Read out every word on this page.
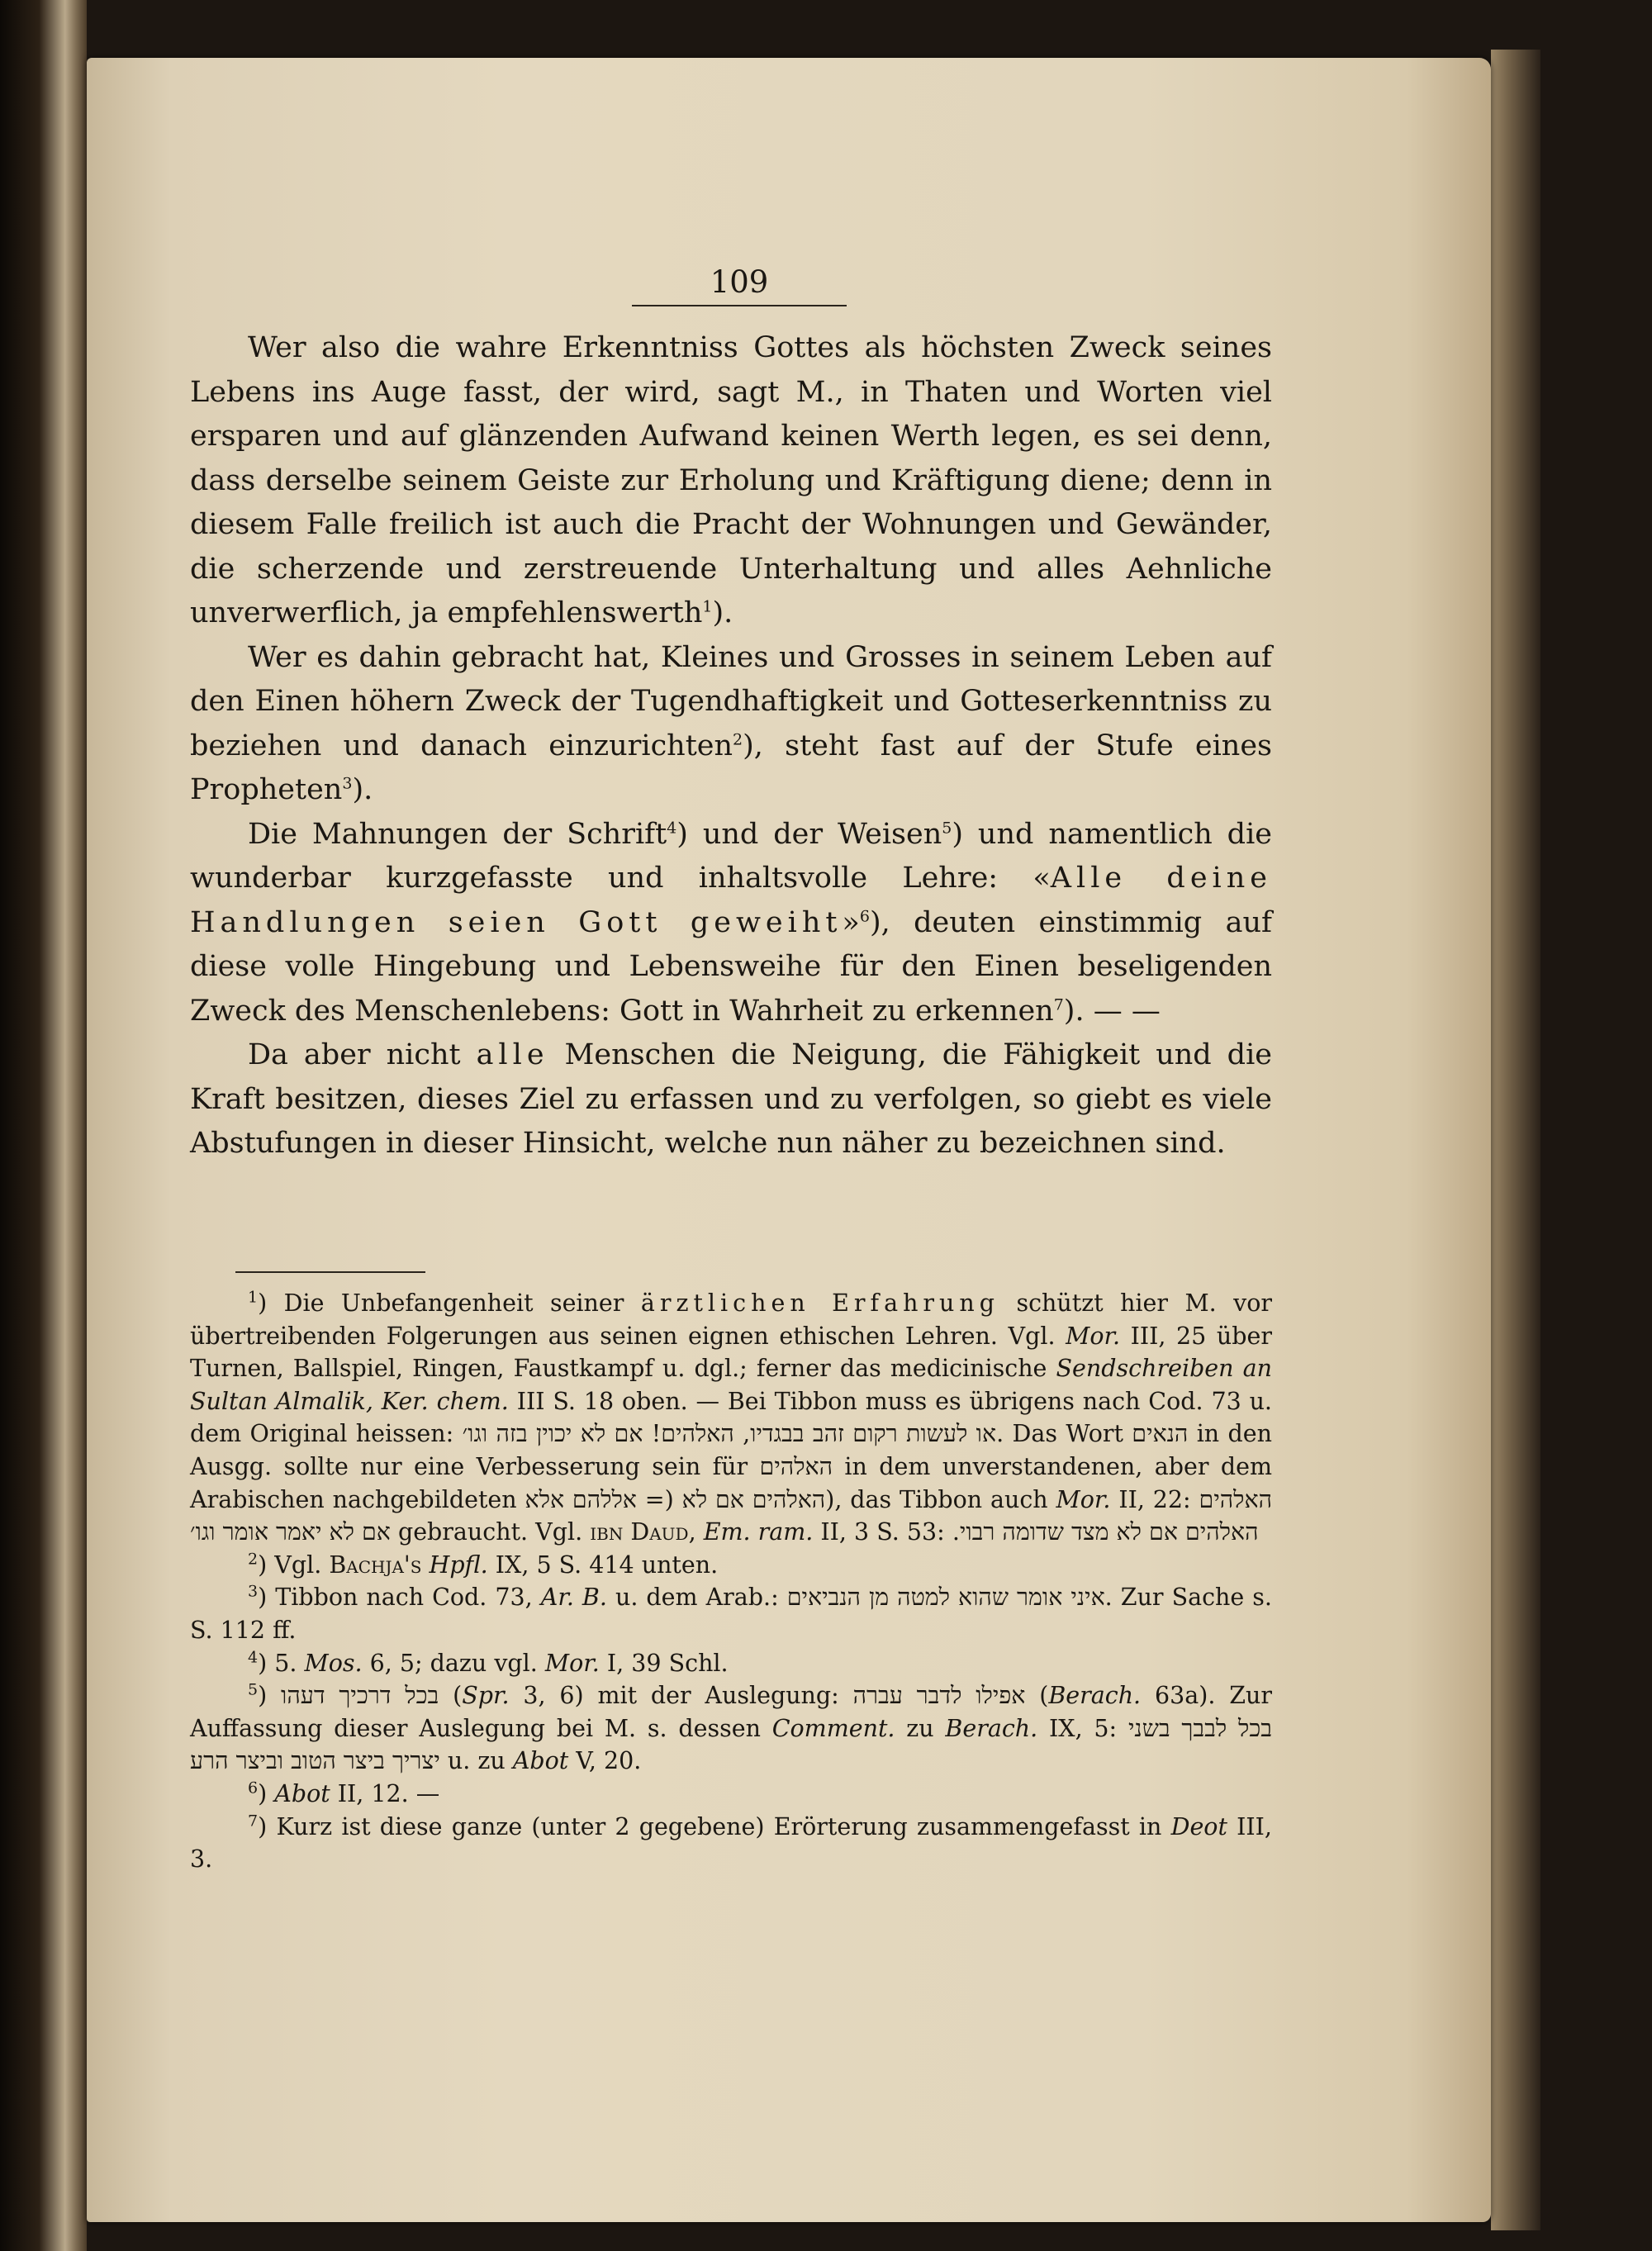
109

Wer also die wahre Erkenntniss Gottes als höchsten Zweck seines Lebens ins Auge fasst, der wird, sagt M., in Thaten und Worten viel ersparen und auf glänzenden Aufwand keinen Werth legen, es sei denn, dass derselbe seinem Geiste zur Erholung und Kräftigung diene; denn in diesem Falle freilich ist auch die Pracht der Wohnungen und Gewänder, die scherzende und zerstreuende Unterhaltung und alles Aehnliche unverwerflich, ja empfehlenswerth$^1$).

Wer es dahin gebracht hat, Kleines und Grosses in seinem Leben auf den Einen höhern Zweck der Tugendhaftigkeit und Gotteserkenntniss zu beziehen und danach einzurichten$^2$), steht fast auf der Stufe eines Propheten$^3$).

Die Mahnungen der Schrift$^4$) und der Weisen$^5$) und namentlich die wunderbar kurzgefasste und inhaltsvolle Lehre: «Alle deine Handlungen seien Gott geweiht»$^6$), deuten einstimmig auf diese volle Hingebung und Lebensweihe für den Einen beseligenden Zweck des Menschenlebens: Gott in Wahrheit zu erkennen$^7$). — —

Da aber nicht alle Menschen die Neigung, die Fähigkeit und die Kraft besitzen, dieses Ziel zu erfassen und zu verfolgen, so giebt es viele Abstufungen in dieser Hinsicht, welche nun näher zu bezeichnen sind.

$^1$) Die Unbefangenheit seiner ärztlichen Erfahrung schützt hier M. vor übertreibenden Folgerungen aus seinen eignen ethischen Lehren. Vgl. Mor. III, 25 über Turnen, Ballspiel, Ringen, Faustkampf u. dgl.; ferner das medicinische Sendschreiben an Sultan Almalik, Ker. chem. III S. 18 oben. — Bei Tibbon muss es übrigens nach Cod. 73 u. dem Original heissen: או לעשות רקום זהב בבגדיו, האלהים! אם לא יכוין בזה וגו׳. Das Wort הנאים in den Ausgg. sollte nur eine Verbesserung sein für האלהים in dem unverstandenen, aber dem Arabischen nachgebildeten	האלהים אם לא (= אללהם אלא	), das Tibbon auch Mor. II, 22: האלהים אם לא יאמר אומר וגו׳ gebraucht. Vgl. ibn Daud, Em. ram. II, 3 S. 53: האלהים אם לא מצד שדומה רבוי.

$^2$) Vgl. Bachja's Hpfl. IX, 5 S. 414 unten.

$^3$) Tibbon nach Cod. 73, Ar. B. u. dem Arab.: איני אומר שהוא למטה מן הנביאים. Zur Sache s. S. 112 ff.

$^4$) 5. Mos. 6, 5; dazu vgl. Mor. I, 39 Schl.

$^5$) בכל דרכיך דעהו (Spr. 3, 6) mit der Auslegung: אפילו לדבר עברה (Berach. 63a). Zur Auffassung dieser Auslegung bei M. s. dessen Comment. zu Berach. IX, 5: בכל לבבך בשני יצריך ביצר הטוב וביצר הרע u. zu Abot V, 20.

$^6$) Abot II, 12. —

$^7$) Kurz ist diese ganze (unter 2 gegebene) Erörterung zusammengefasst in Deot III, 3.
